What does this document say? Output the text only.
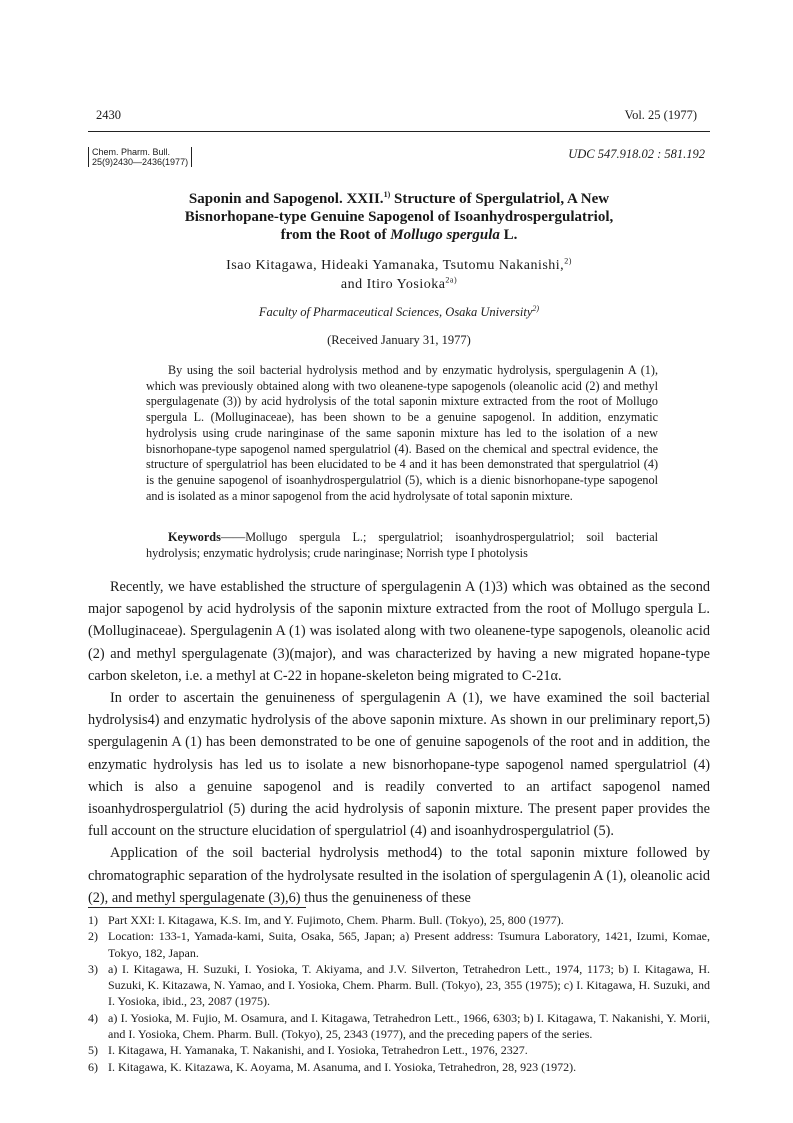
2430	Vol. 25 (1977)
Chem. Pharm. Bull.
25(9)2430—2436(1977)
UDC 547.918.02 : 581.192
Saponin and Sapogenol. XXII.$^{1)}$ Structure of Spergulatriol, A New
Bisnorhopane-type Genuine Sapogenol of Isoanhydrospergulatriol,
from the Root of Mollugo spergula L.
Isao Kitagawa, Hideaki Yamanaka, Tsutomu Nakanishi,$^{2)}$
and Itiro Yosioka$^{2a)}$
Faculty of Pharmaceutical Sciences, Osaka University$^{2)}$
(Received January 31, 1977)

By using the soil bacterial hydrolysis method and by enzymatic hydrolysis, spergulagenin A (1), which was previously obtained along with two oleanene-type sapogenols (oleanolic acid (2) and methyl spergulagenate (3)) by acid hydrolysis of the total saponin mixture extracted from the root of Mollugo spergula L. (Molluginaceae), has been shown to be a genuine sapogenol. In addition, enzymatic hydrolysis using crude naringinase of the same saponin mixture has led to the isolation of a new bisnorhopane-type sapogenol named spergulatriol (4). Based on the chemical and spectral evidence, the structure of spergulatriol has been elucidated to be 4 and it has been demonstrated that spergulatriol (4) is the genuine sapogenol of isoanhydrospergulatriol (5), which is a dienic bisnorhopane-type sapogenol and is isolated as a minor sapogenol from the acid hydrolysate of total saponin mixture.

Keywords——Mollugo spergula L.; spergulatriol; isoanhydrospergulatriol; soil bacterial hydrolysis; enzymatic hydrolysis; crude naringinase; Norrish type I photolysis

Recently, we have established the structure of spergulagenin A (1)3) which was obtained as the second major sapogenol by acid hydrolysis of the saponin mixture extracted from the root of Mollugo spergula L. (Molluginaceae). Spergulagenin A (1) was isolated along with two oleanene-type sapogenols, oleanolic acid (2) and methyl spergulagenate (3)(major), and was characterized by having a new migrated hopane-type carbon skeleton, i.e. a methyl at C-22 in hopane-skeleton being migrated to C-21α.

In order to ascertain the genuineness of spergulagenin A (1), we have examined the soil bacterial hydrolysis4) and enzymatic hydrolysis of the above saponin mixture. As shown in our preliminary report,5) spergulagenin A (1) has been demonstrated to be one of genuine sapogenols of the root and in addition, the enzymatic hydrolysis has led us to isolate a new bisnorhopane-type sapogenol named spergulatriol (4) which is also a genuine sapogenol and is readily converted to an artifact sapogenol named isoanhydrospergulatriol (5) during the acid hydrolysis of saponin mixture. The present paper provides the full account on the structure elucidation of spergulatriol (4) and isoanhydrospergulatriol (5).

Application of the soil bacterial hydrolysis method4) to the total saponin mixture followed by chromatographic separation of the hydrolysate resulted in the isolation of spergulagenin A (1), oleanolic acid (2), and methyl spergulagenate (3),6) thus the genuineness of these

1) Part XXI: I. Kitagawa, K.S. Im, and Y. Fujimoto, Chem. Pharm. Bull. (Tokyo), 25, 800 (1977).
2) Location: 133-1, Yamada-kami, Suita, Osaka, 565, Japan; a) Present address: Tsumura Laboratory, 1421, Izumi, Komae, Tokyo, 182, Japan.
3) a) I. Kitagawa, H. Suzuki, I. Yosioka, T. Akiyama, and J.V. Silverton, Tetrahedron Lett., 1974, 1173; b) I. Kitagawa, H. Suzuki, K. Kitazawa, N. Yamao, and I. Yosioka, Chem. Pharm. Bull. (Tokyo), 23, 355 (1975); c) I. Kitagawa, H. Suzuki, and I. Yosioka, ibid., 23, 2087 (1975).
4) a) I. Yosioka, M. Fujio, M. Osamura, and I. Kitagawa, Tetrahedron Lett., 1966, 6303; b) I. Kitagawa, T. Nakanishi, Y. Morii, and I. Yosioka, Chem. Pharm. Bull. (Tokyo), 25, 2343 (1977), and the preceding papers of the series.
5) I. Kitagawa, H. Yamanaka, T. Nakanishi, and I. Yosioka, Tetrahedron Lett., 1976, 2327.
6) I. Kitagawa, K. Kitazawa, K. Aoyama, M. Asanuma, and I. Yosioka, Tetrahedron, 28, 923 (1972).
